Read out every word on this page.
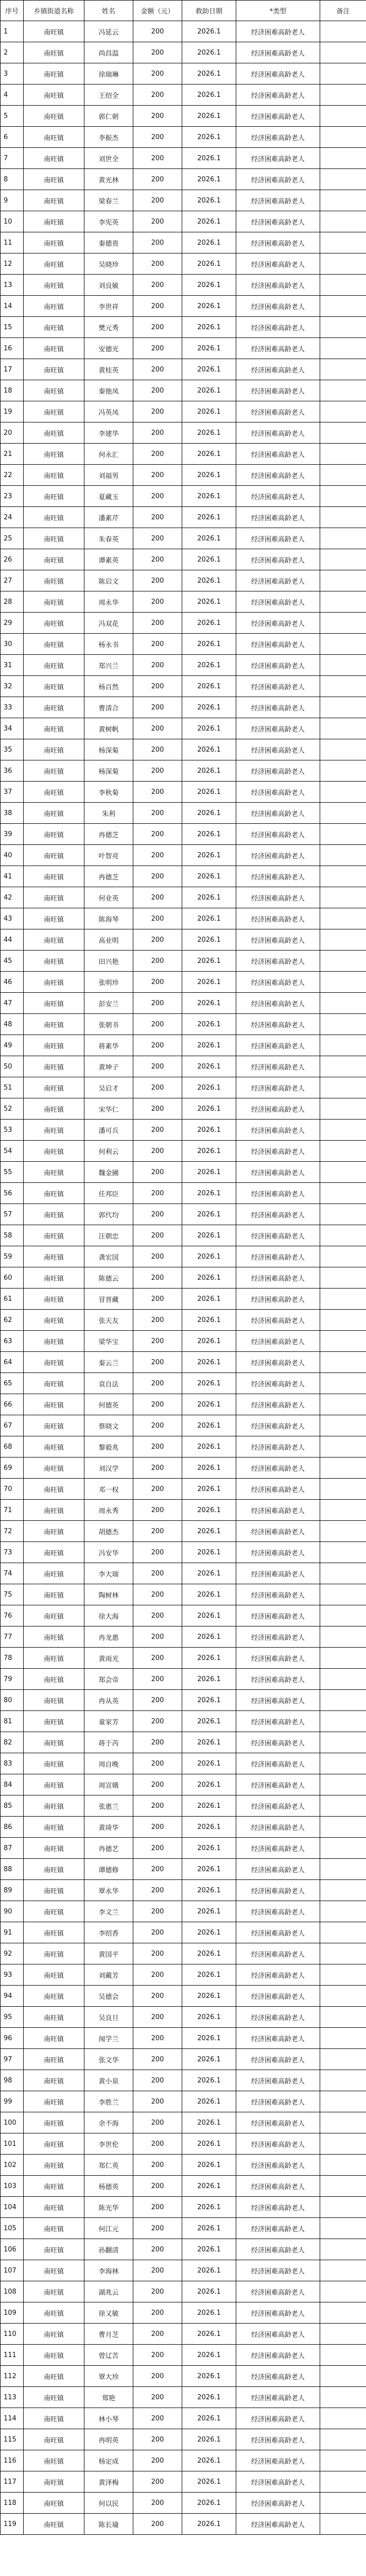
序号	乡镇街道名称	姓名	金额（元）	救助日期	*类型	备注
1	南旺镇	冯延云	200	2026.1	经济困难高龄老人	
2	南旺镇	尚昌温	200	2026.1	经济困难高龄老人	
3	南旺镇	徐瑞琳	200	2026.1	经济困难高龄老人	
4	南旺镇	王绍全	200	2026.1	经济困难高龄老人	
5	南旺镇	郭仁朝	200	2026.1	经济困难高龄老人	
6	南旺镇	李振杰	200	2026.1	经济困难高龄老人	
7	南旺镇	刘世全	200	2026.1	经济困难高龄老人	
8	南旺镇	黄光林	200	2026.1	经济困难高龄老人	
9	南旺镇	梁春兰	200	2026.1	经济困难高龄老人	
10	南旺镇	李宪英	200	2026.1	经济困难高龄老人	
11	南旺镇	秦德贵	200	2026.1	经济困难高龄老人	
12	南旺镇	吴晓珍	200	2026.1	经济困难高龄老人	
13	南旺镇	刘良敏	200	2026.1	经济困难高龄老人	
14	南旺镇	李世祥	200	2026.1	经济困难高龄老人	
15	南旺镇	樊元秀	200	2026.1	经济困难高龄老人	
16	南旺镇	安德光	200	2026.1	经济困难高龄老人	
17	南旺镇	黄桂英	200	2026.1	经济困难高龄老人	
18	南旺镇	秦他凤	200	2026.1	经济困难高龄老人	
19	南旺镇	冯英凤	200	2026.1	经济困难高龄老人	
20	南旺镇	李建华	200	2026.1	经济困难高龄老人	
21	南旺镇	何永汇	200	2026.1	经济困难高龄老人	
22	南旺镇	刘福男	200	2026.1	经济困难高龄老人	
23	南旺镇	夏藏玉	200	2026.1	经济困难高龄老人	
24	南旺镇	潘素芹	200	2026.1	经济困难高龄老人	
25	南旺镇	朱春英	200	2026.1	经济困难高龄老人	
26	南旺镇	谭素英	200	2026.1	经济困难高龄老人	
27	南旺镇	陈启文	200	2026.1	经济困难高龄老人	
28	南旺镇	周永华	200	2026.1	经济困难高龄老人	
29	南旺镇	冯双花	200	2026.1	经济困难高龄老人	
30	南旺镇	杨永书	200	2026.1	经济困难高龄老人	
31	南旺镇	郑兴兰	200	2026.1	经济困难高龄老人	
32	南旺镇	杨百然	200	2026.1	经济困难高龄老人	
33	南旺镇	曹清合	200	2026.1	经济困难高龄老人	
34	南旺镇	黄树帆	200	2026.1	经济困难高龄老人	
35	南旺镇	杨深菊	200	2026.1	经济困难高龄老人	
36	南旺镇	杨深菊	200	2026.1	经济困难高龄老人	
37	南旺镇	李秋菊	200	2026.1	经济困难高龄老人	
38	南旺镇	朱利	200	2026.1	经济困难高龄老人	
39	南旺镇	冉德芝	200	2026.1	经济困难高龄老人	
40	南旺镇	叶智亮	200	2026.1	经济困难高龄老人	
41	南旺镇	冉德芝	200	2026.1	经济困难高龄老人	
42	南旺镇	何业英	200	2026.1	经济困难高龄老人	
43	南旺镇	陈海琴	200	2026.1	经济困难高龄老人	
44	南旺镇	高业明	200	2026.1	经济困难高龄老人	
45	南旺镇	田兴艳	200	2026.1	经济困难高龄老人	
46	南旺镇	张明珍	200	2026.1	经济困难高龄老人	
47	南旺镇	彭安兰	200	2026.1	经济困难高龄老人	
48	南旺镇	张朝书	200	2026.1	经济困难高龄老人	
49	南旺镇	蒋素华	200	2026.1	经济困难高龄老人	
50	南旺镇	黄坤子	200	2026.1	经济困难高龄老人	
51	南旺镇	吴启才	200	2026.1	经济困难高龄老人	
52	南旺镇	宋华仁	200	2026.1	经济困难高龄老人	
53	南旺镇	潘可兵	200	2026.1	经济困难高龄老人	
54	南旺镇	何利云	200	2026.1	经济困难高龄老人	
55	南旺镇	魏金圃	200	2026.1	经济困难高龄老人	
56	南旺镇	任邦臣	200	2026.1	经济困难高龄老人	
57	南旺镇	郭代均	200	2026.1	经济困难高龄老人	
58	南旺镇	汪朝忠	200	2026.1	经济困难高龄老人	
59	南旺镇	龚宏国	200	2026.1	经济困难高龄老人	
60	南旺镇	陈德云	200	2026.1	经济困难高龄老人	
61	南旺镇	冒晋藏	200	2026.1	经济困难高龄老人	
62	南旺镇	张天友	200	2026.1	经济困难高龄老人	
63	南旺镇	梁华宝	200	2026.1	经济困难高龄老人	
64	南旺镇	秦云兰	200	2026.1	经济困难高龄老人	
65	南旺镇	袁自法	200	2026.1	经济困难高龄老人	
66	南旺镇	何德英	200	2026.1	经济困难高龄老人	
67	南旺镇	蔡晓文	200	2026.1	经济困难高龄老人	
68	南旺镇	黎毅兆	200	2026.1	经济困难高龄老人	
69	南旺镇	刘汉学	200	2026.1	经济困难高龄老人	
70	南旺镇	邓一权	200	2026.1	经济困难高龄老人	
71	南旺镇	周永秀	200	2026.1	经济困难高龄老人	
72	南旺镇	胡德杰	200	2026.1	经济困难高龄老人	
73	南旺镇	冯安华	200	2026.1	经济困难高龄老人	
74	南旺镇	李大瑞	200	2026.1	经济困难高龄老人	
75	南旺镇	陶树林	200	2026.1	经济困难高龄老人	
76	南旺镇	徐大海	200	2026.1	经济困难高龄老人	
77	南旺镇	冉龙惠	200	2026.1	经济困难高龄老人	
78	南旺镇	黄雨光	200	2026.1	经济困难高龄老人	
79	南旺镇	郑会帝	200	2026.1	经济困难高龄老人	
80	南旺镇	冉从英	200	2026.1	经济困难高龄老人	
81	南旺镇	童家芳	200	2026.1	经济困难高龄老人	
82	南旺镇	蒋于芮	200	2026.1	经济困难高龄老人	
83	南旺镇	周自晚	200	2026.1	经济困难高龄老人	
84	南旺镇	周宣娥	200	2026.1	经济困难高龄老人	
85	南旺镇	张惠兰	200	2026.1	经济困难高龄老人	
86	南旺镇	黄琦华	200	2026.1	经济困难高龄老人	
87	南旺镇	冉德艺	200	2026.1	经济困难高龄老人	
88	南旺镇	谭德修	200	2026.1	经济困难高龄老人	
89	南旺镇	覃永华	200	2026.1	经济困难高龄老人	
90	南旺镇	李文兰	200	2026.1	经济困难高龄老人	
91	南旺镇	李绍香	200	2026.1	经济困难高龄老人	
92	南旺镇	黄国平	200	2026.1	经济困难高龄老人	
93	南旺镇	刘戴芳	200	2026.1	经济困难高龄老人	
94	南旺镇	吴德会	200	2026.1	经济困难高龄老人	
95	南旺镇	吴良旦	200	2026.1	经济困难高龄老人	
96	南旺镇	闻学兰	200	2026.1	经济困难高龄老人	
97	南旺镇	张文华	200	2026.1	经济困难高龄老人	
98	南旺镇	黄小泉	200	2026.1	经济困难高龄老人	
99	南旺镇	李胜兰	200	2026.1	经济困难高龄老人	
100	南旺镇	余不海	200	2026.1	经济困难高龄老人	
101	南旺镇	李世伦	200	2026.1	经济困难高龄老人	
102	南旺镇	郑仁英	200	2026.1	经济困难高龄老人	
103	南旺镇	杨德英	200	2026.1	经济困难高龄老人	
104	南旺镇	陈光华	200	2026.1	经济困难高龄老人	
105	南旺镇	何江元	200	2026.1	经济困难高龄老人	
106	南旺镇	孙翻清	200	2026.1	经济困难高龄老人	
107	南旺镇	李海林	200	2026.1	经济困难高龄老人	
108	南旺镇	湖兆云	200	2026.1	经济困难高龄老人	
109	南旺镇	徐又敏	200	2026.1	经济困难高龄老人	
110	南旺镇	曹月芝	200	2026.1	经济困难高龄老人	
111	南旺镇	曾辽苦	200	2026.1	经济困难高龄老人	
112	南旺镇	覃大珍	200	2026.1	经济困难高龄老人	
113	南旺镇	郑艳	200	2026.1	经济困难高龄老人	
114	南旺镇	林小琴	200	2026.1	经济困难高龄老人	
115	南旺镇	冉明英	200	2026.1	经济困难高龄老人	
116	南旺镇	杨定成	200	2026.1	经济困难高龄老人	
117	南旺镇	黄泽梅	200	2026.1	经济困难高龄老人	
118	南旺镇	何以民	200	2026.1	经济困难高龄老人	
119	南旺镇	陈长瑜	200	2026.1	经济困难高龄老人	
